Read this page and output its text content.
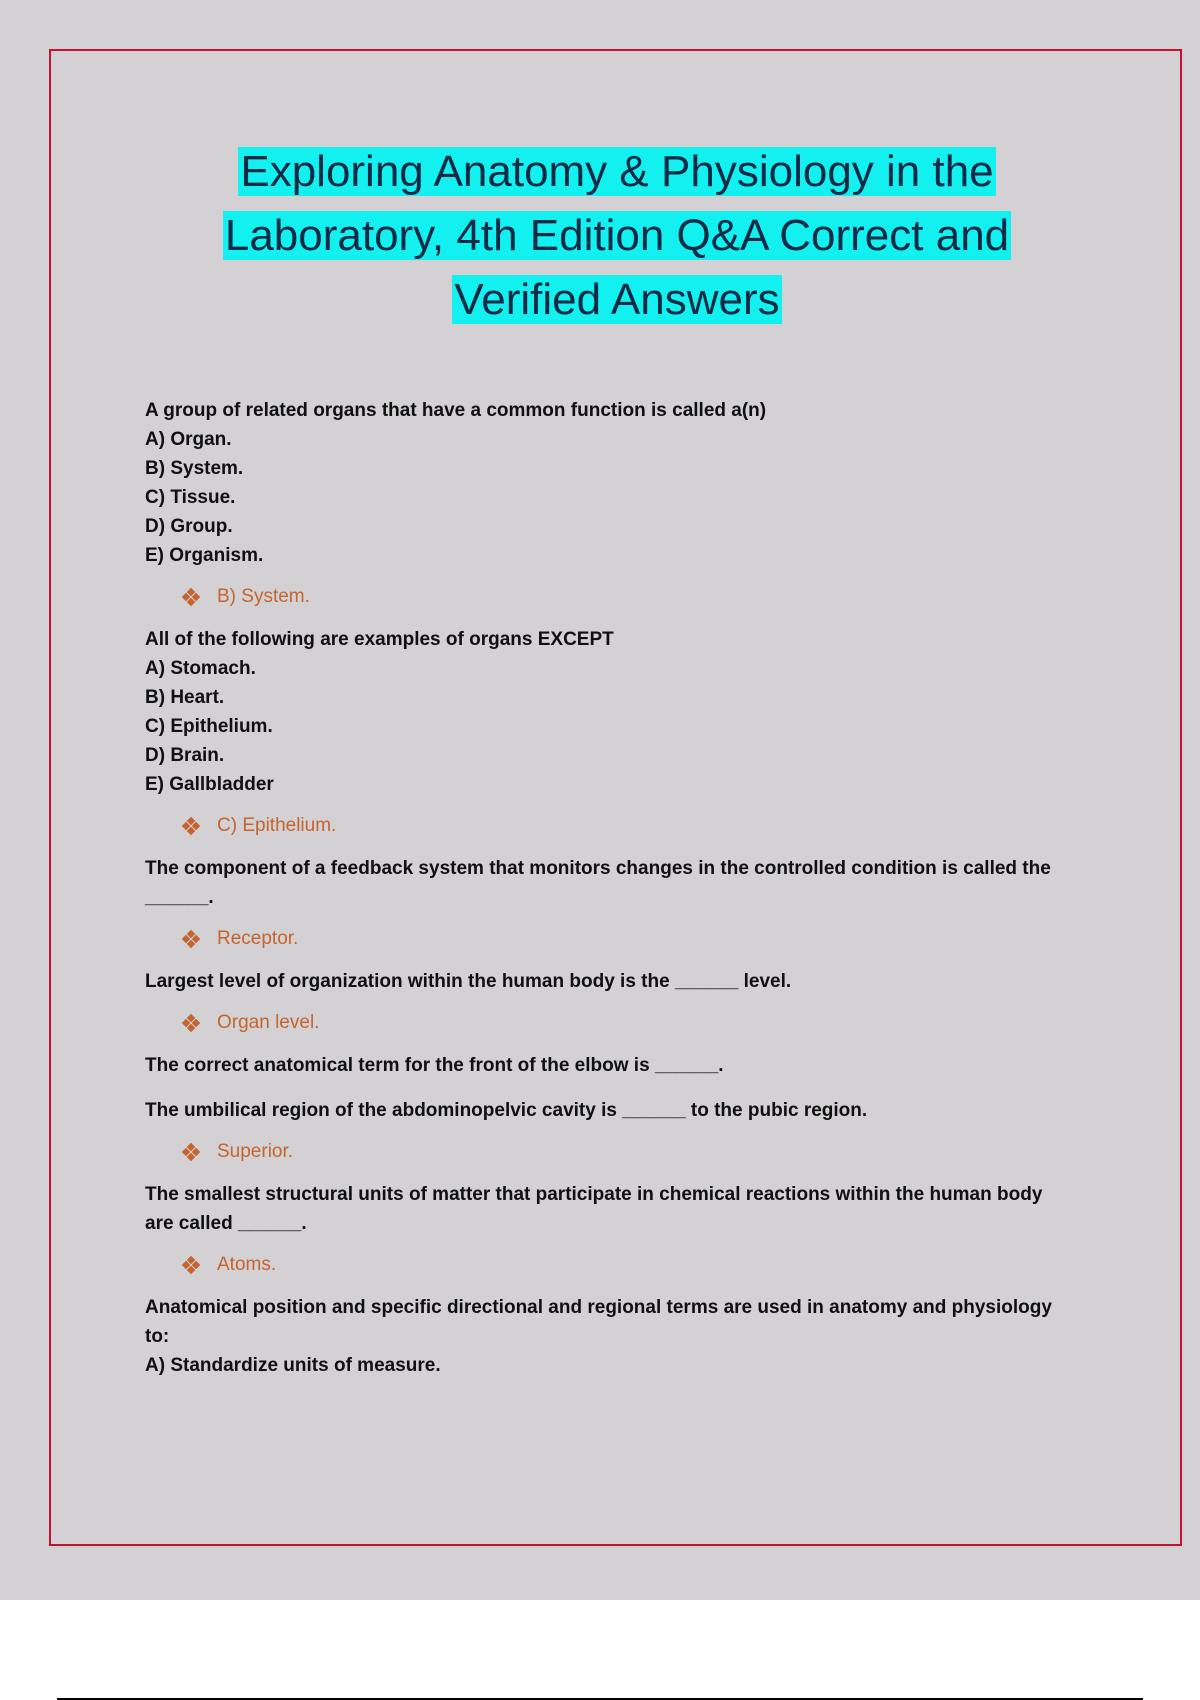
Exploring Anatomy & Physiology in the
Laboratory, 4th Edition Q&A Correct and
Verified Answers
A group of related organs that have a common function is called a(n)
A) Organ.
B) System.
C) Tissue.
D) Group.
E) Organism.
B) System.
All of the following are examples of organs EXCEPT
A) Stomach.
B) Heart.
C) Epithelium.
D) Brain.
E) Gallbladder
C) Epithelium.
The component of a feedback system that monitors changes in the controlled condition is called the
______.
Receptor.
Largest level of organization within the human body is the ______ level.
Organ level.
The correct anatomical term for the front of the elbow is ______.
The umbilical region of the abdominopelvic cavity is ______ to the pubic region.
Superior.
The smallest structural units of matter that participate in chemical reactions within the human body
are called ______.
Atoms.
Anatomical position and specific directional and regional terms are used in anatomy and physiology
to:
A) Standardize units of measure.
